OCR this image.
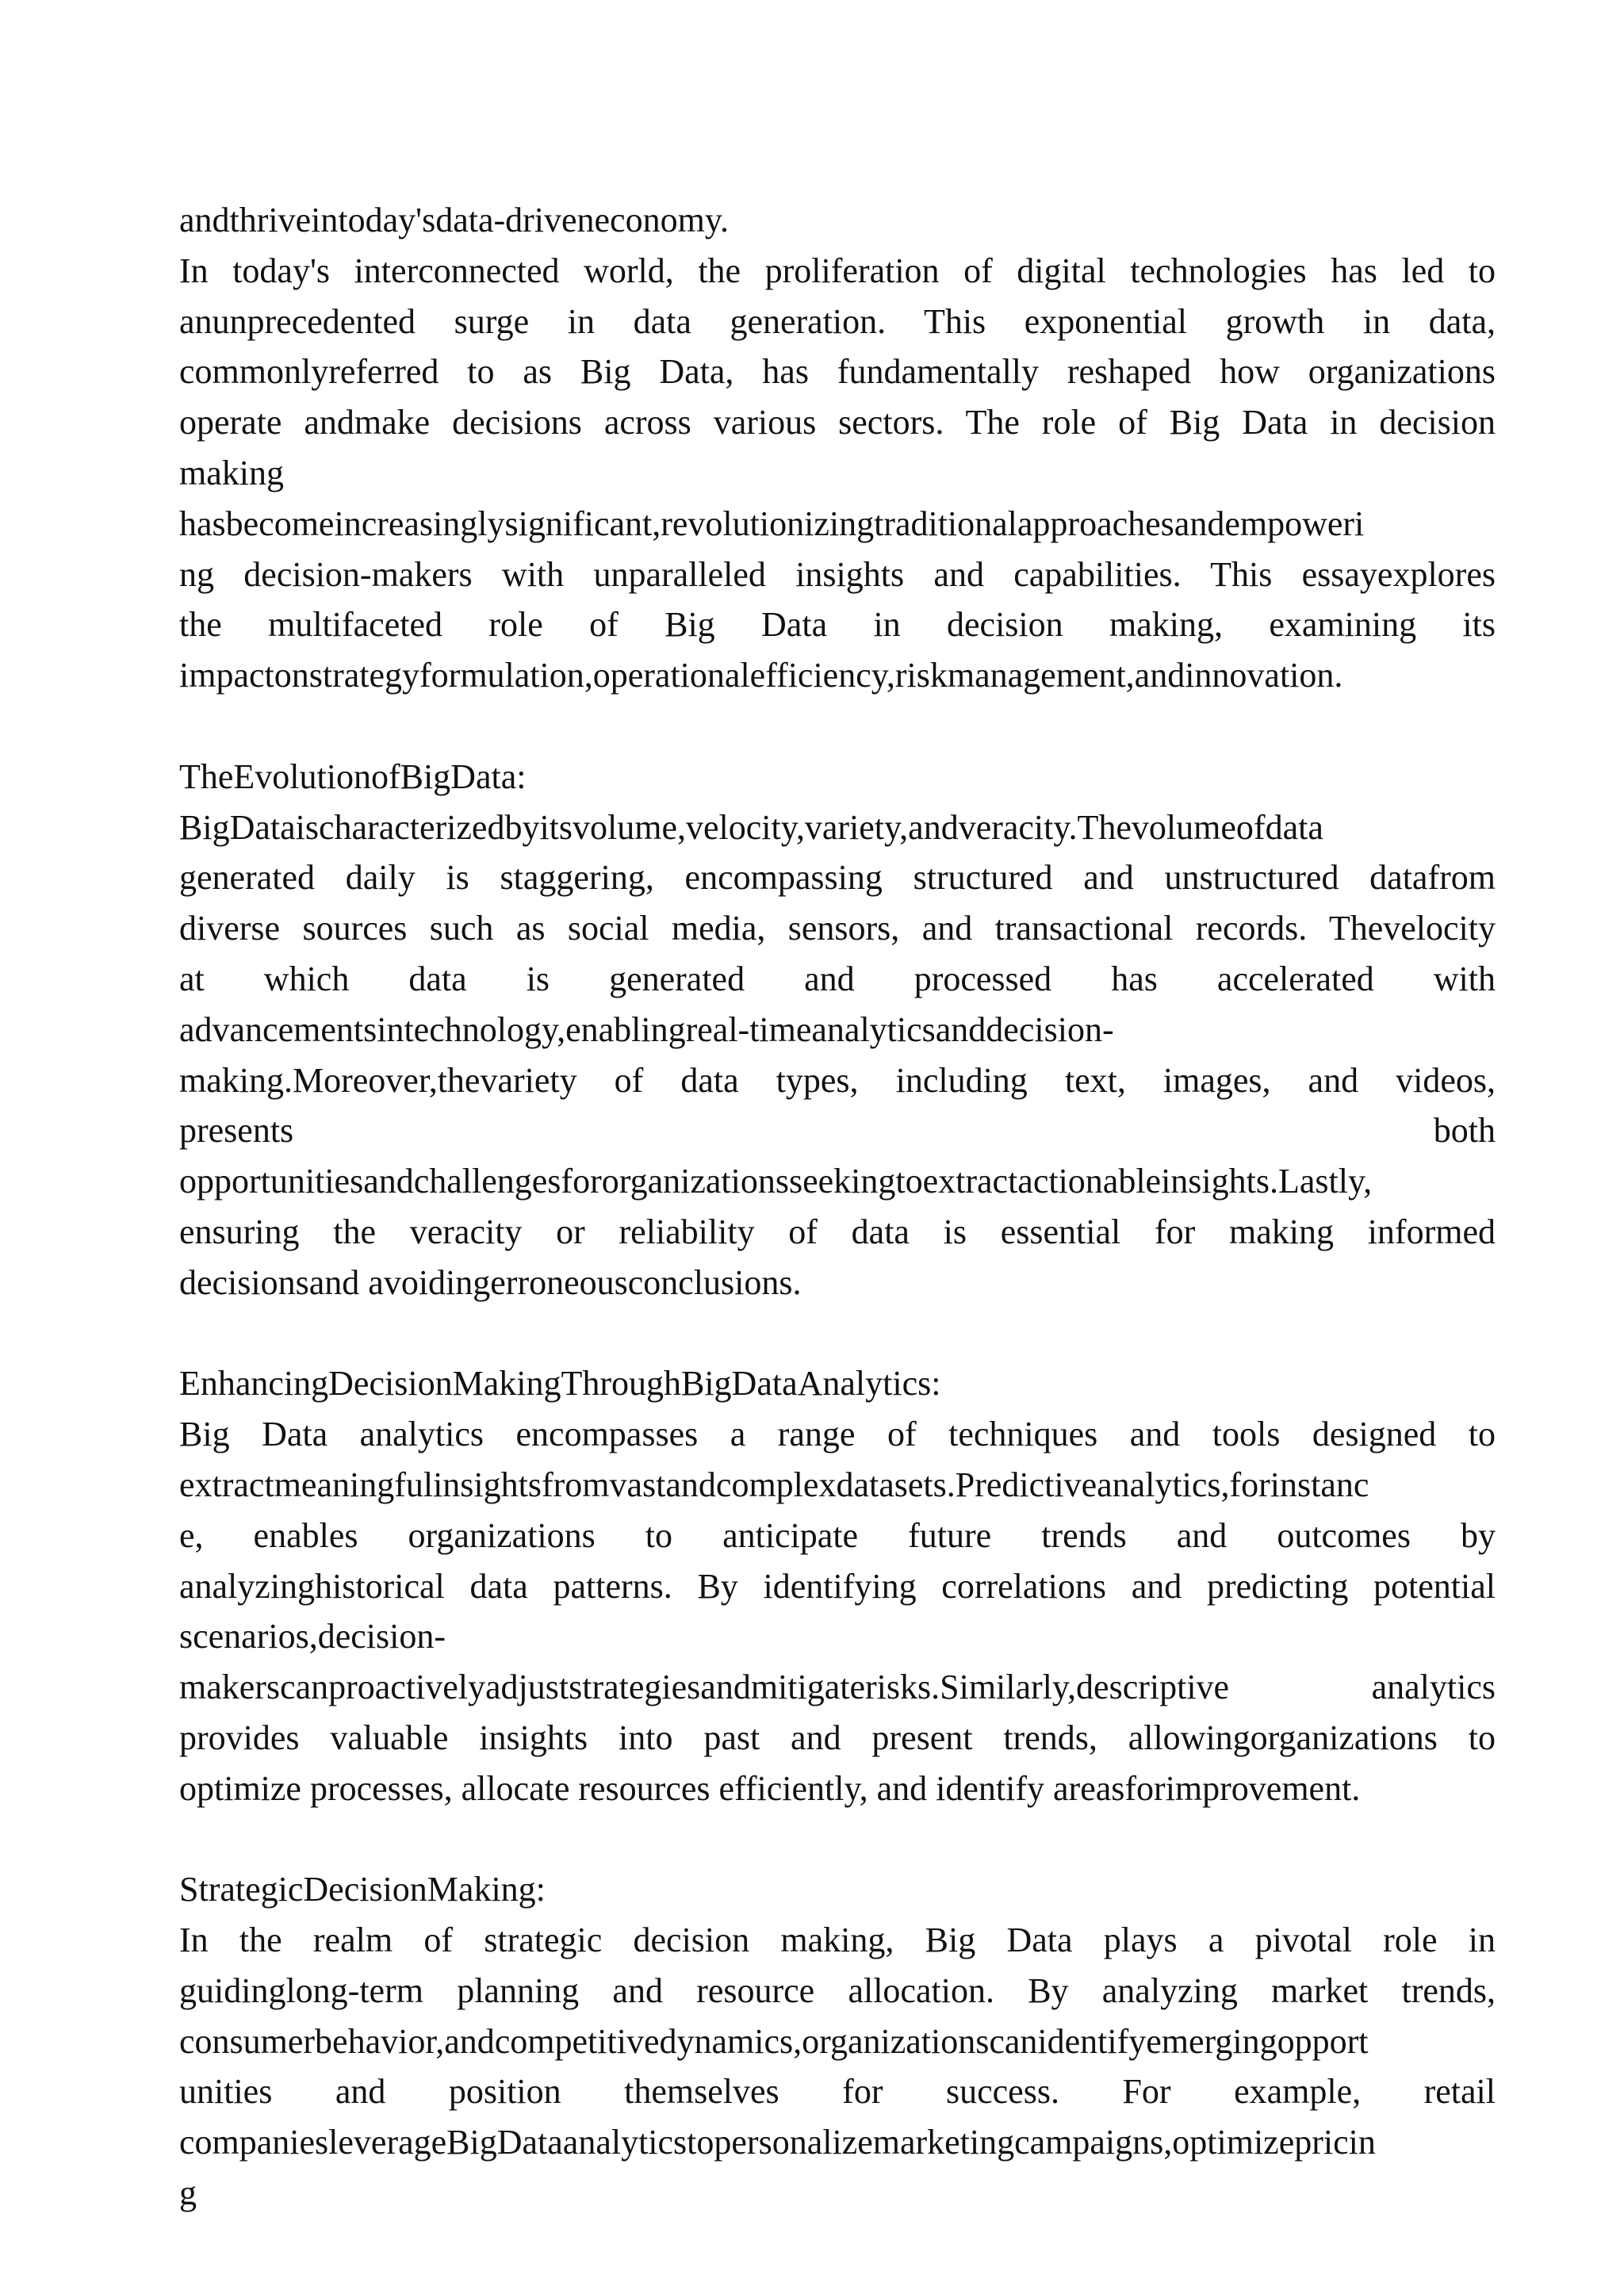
andthriveintoday'sdata-driveneconomy.
In today's interconnected world, the proliferation of digital technologies has led to
anunprecedented surge in data generation. This exponential growth in data,
commonlyreferred to as Big Data, has fundamentally reshaped how organizations
operate andmake decisions across various sectors. The role of Big Data in decision
making
hasbecomeincreasinglysignificant,revolutionizingtraditionalapproachesandempoweri
ng decision-makers with unparalleled insights and capabilities. This essayexplores
the multifaceted role of Big Data in decision making, examining its
impactonstrategyformulation,operationalefficiency,riskmanagement,andinnovation.
TheEvolutionofBigData:
BigDataischaracterizedbyitsvolume,velocity,variety,andveracity.Thevolumeofdata
generated daily is staggering, encompassing structured and unstructured datafrom
diverse sources such as social media, sensors, and transactional records. Thevelocity
at which data is generated and processed has accelerated with
advancementsintechnology,enablingreal-timeanalyticsanddecision-
making.Moreover,thevariety of data types, including text, images, and videos,
presents both
opportunitiesandchallengesfororganizationsseekingtoextractactionableinsights.Lastly,
ensuring the veracity or reliability of data is essential for making informed
decisionsand avoidingerroneousconclusions.
EnhancingDecisionMakingThroughBigDataAnalytics:
Big Data analytics encompasses a range of techniques and tools designed to
extractmeaningfulinsightsfromvastandcomplexdatasets.Predictiveanalytics,forinstanc
e, enables organizations to anticipate future trends and outcomes by
analyzinghistorical data patterns. By identifying correlations and predicting potential
scenarios,decision-
makerscanproactivelyadjuststrategiesandmitigaterisks.Similarly,descriptive analytics
provides valuable insights into past and present trends, allowingorganizations to
optimize processes, allocate resources efficiently, and identify areasforimprovement.
StrategicDecisionMaking:
In the realm of strategic decision making, Big Data plays a pivotal role in
guidinglong-term planning and resource allocation. By analyzing market trends,
consumerbehavior,andcompetitivedynamics,organizationscanidentifyemergingopport
unities and position themselves for success. For example, retail
companiesleverageBigDataanalyticstopersonalizemarketingcampaigns,optimizepricin
g
